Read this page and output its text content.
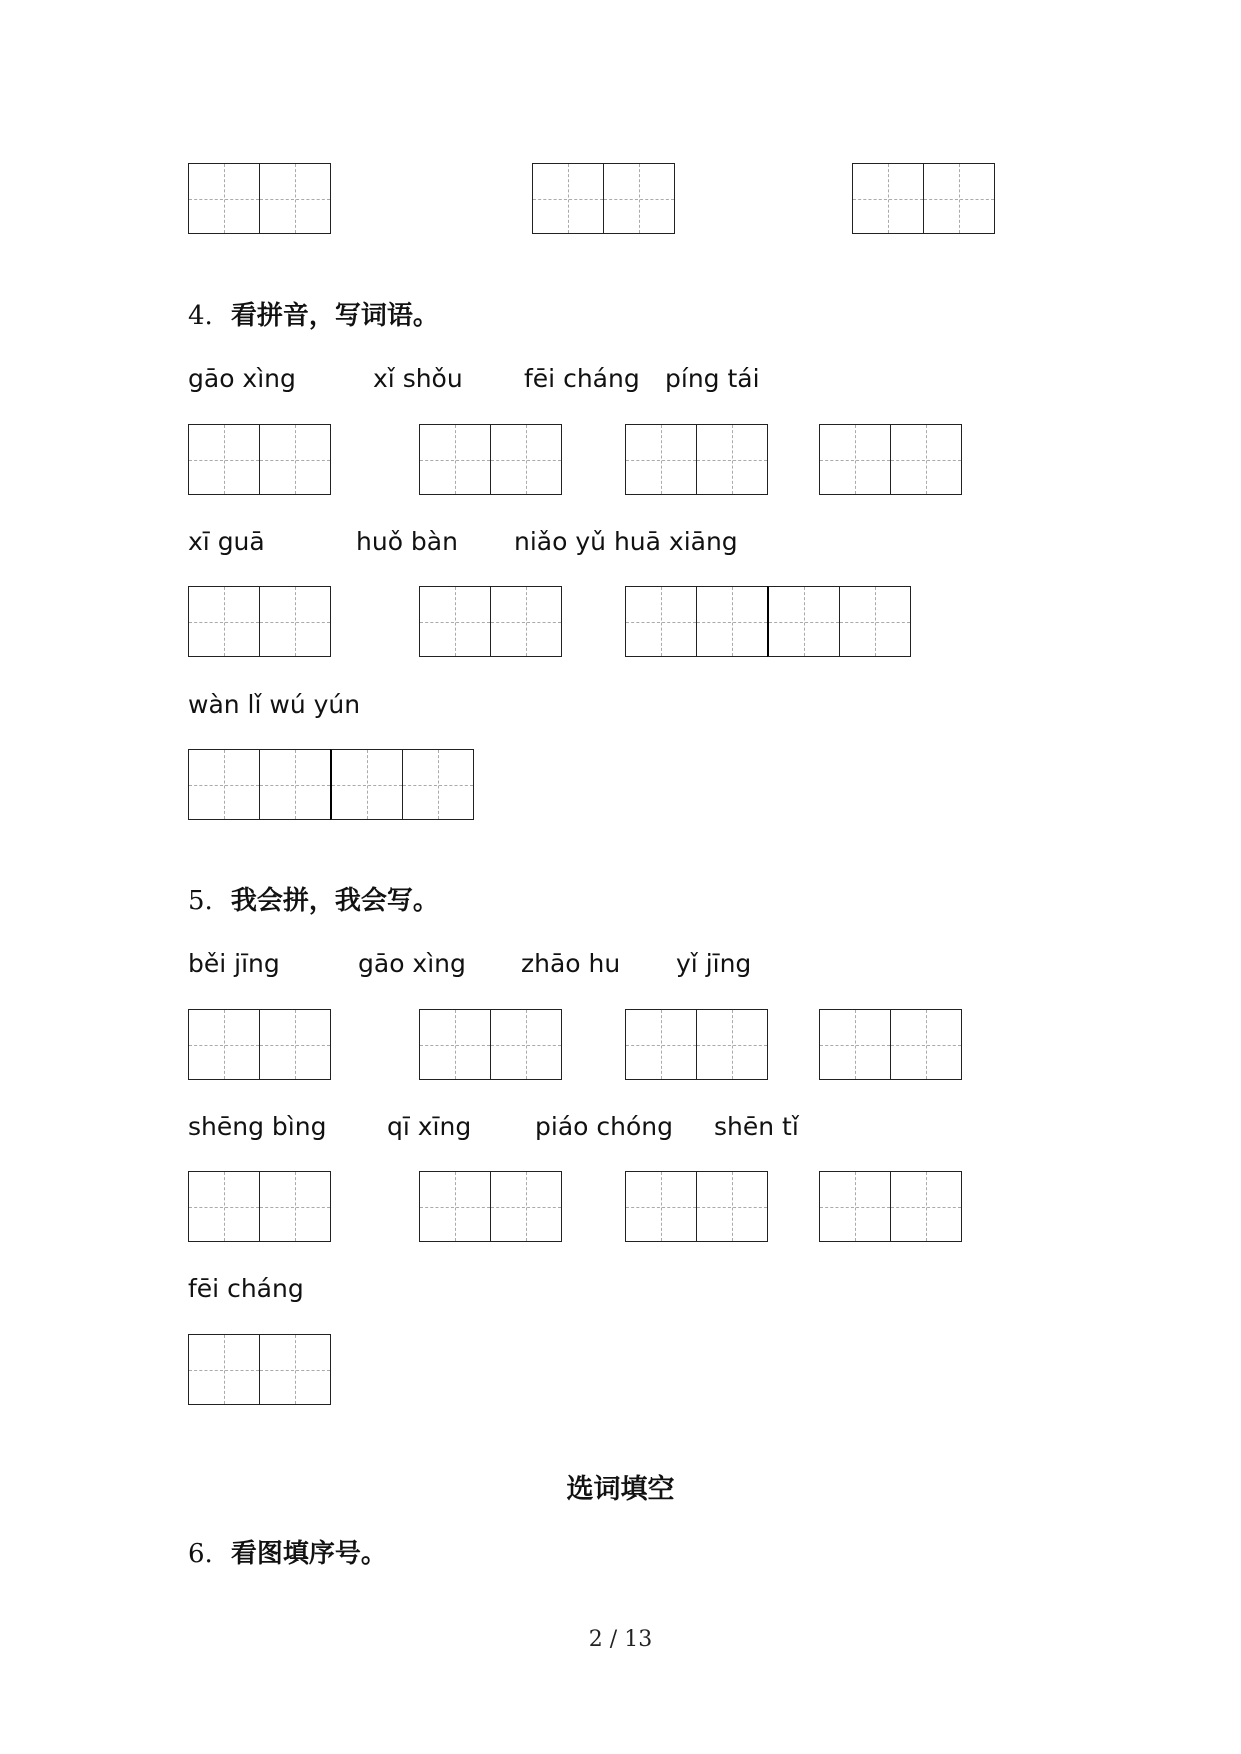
4. 看拼音，写词语。
gāo xìng	xǐ shǒu fēi cháng píng tái
xī guā	huǒ bàn niǎo yǔ huā xiāng
wàn lǐ wú yún
5. 我会拼，我会写。
běi jīng	gāo xìng zhāo hu yǐ jīng
shēng bìng qī xīng	piáo chóng shēn tǐ
fēi cháng
选词填空
6. 看图填序号。
2 / 13
